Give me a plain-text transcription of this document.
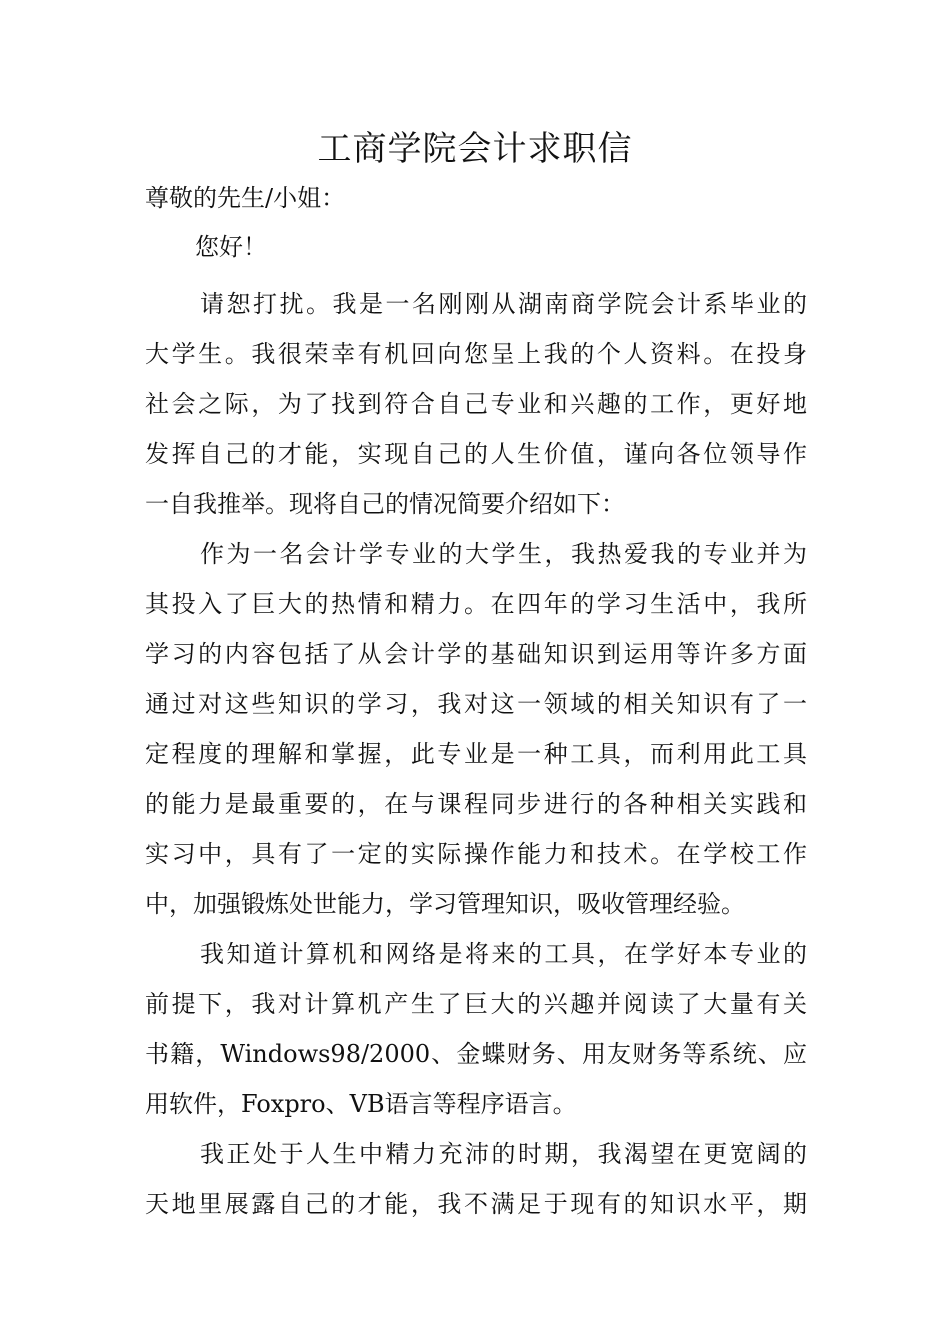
工商学院会计求职信
尊敬的先生/小姐：
您好！
请恕打扰。我是一名刚刚从湖南商学院会计系毕业的
大学生。我很荣幸有机回向您呈上我的个人资料。在投身
社会之际，为了找到符合自己专业和兴趣的工作，更好地
发挥自己的才能，实现自己的人生价值，谨向各位领导作
一自我推举。现将自己的情况简要介绍如下：
作为一名会计学专业的大学生，我热爱我的专业并为
其投入了巨大的热情和精力。在四年的学习生活中，我所
学习的内容包括了从会计学的基础知识到运用等许多方面
通过对这些知识的学习，我对这一领域的相关知识有了一
定程度的理解和掌握，此专业是一种工具，而利用此工具
的能力是最重要的，在与课程同步进行的各种相关实践和
实习中，具有了一定的实际操作能力和技术。在学校工作
中，加强锻炼处世能力，学习管理知识，吸收管理经验。
我知道计算机和网络是将来的工具，在学好本专业的
前提下，我对计算机产生了巨大的兴趣并阅读了大量有关
书籍，Windows98/2000、金蝶财务、用友财务等系统、应
用软件，Foxpro、VB语言等程序语言。
我正处于人生中精力充沛的时期，我渴望在更宽阔的
天地里展露自己的才能，我不满足于现有的知识水平，期
